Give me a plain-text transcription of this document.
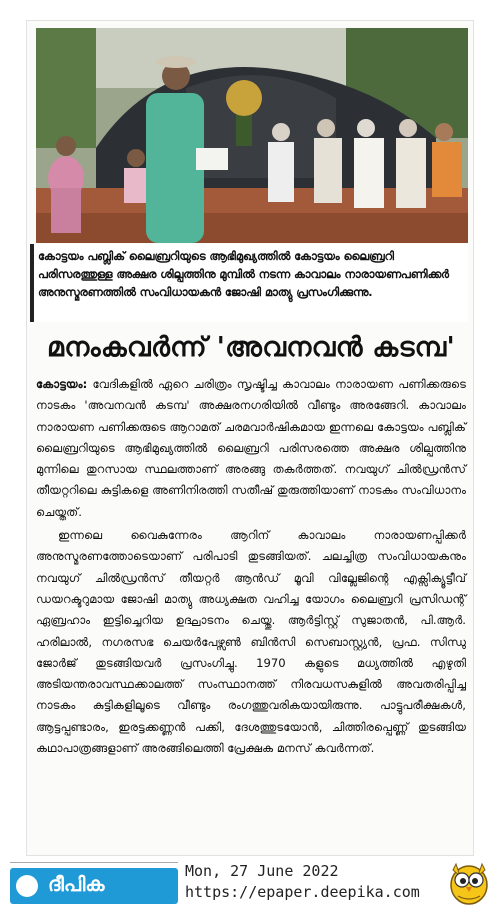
കോട്ടയം പബ്ലിക് ലൈബ്രറിയുടെ ആഭിമുഖ്യത്തിൽ കോട്ടയം ലൈബ്രറി പരിസരത്തുള്ള അക്ഷര ശില്പത്തിനു മുമ്പിൽ നടന്ന കാവാലം നാരായണപണിക്കർ അനുസ്മരണത്തിൽ സംവിധായകൻ ജോഷി മാത്യു പ്രസംഗിക്കുന്നു.

മനംകവർന്ന് 'അവനവൻ കടമ്പ'

കോട്ടയം: വേദികളിൽ ഏറെ ചരിത്രം സൃഷ്ടിച്ച കാവാലം നാരായണ പണിക്കരുടെ നാടകം 'അവനവൻ കടമ്പ' അക്ഷരനഗരിയിൽ വീണ്ടും അരങ്ങേറി. കാവാലം നാരായണ പണിക്കരുടെ ആറാമത് ചരമവാർഷികമായ ഇന്നലെ കോട്ടയം പബ്ലിക് ലൈബ്രറിയുടെ ആഭിമുഖ്യത്തിൽ ലൈബ്രറി പരിസരത്തെ അക്ഷര ശില്പത്തിനു മുന്നിലെ തുറസായ സ്ഥലത്താണ് അരങ്ങു തകർത്തത്. നവയുഗ് ചിൽഡ്രൻസ് തീയറ്ററിലെ കുട്ടികളെ അണിനിരത്തി സതീഷ് തുരുത്തിയാണ് നാടകം സംവിധാനം ചെയ്തത്.

ഇന്നലെ വൈകുന്നേരം ആറിന് കാവാലം നാരായണപ്പിക്കർ അനുസ്മരണത്തോടെയാണ് പരിപാടി തുടങ്ങിയത്. ചലച്ചിത്ര സംവിധായകനും നവയുഗ് ചിൽഡ്രൻസ് തീയറ്റർ ആൻഡ് മൂവി വില്ലേജിന്റെ എക്സിക്യൂട്ടീവ് ഡയറക്ടറുമായ ജോഷി മാത്യു അധ്യക്ഷത വഹിച്ച യോഗം ലൈബ്രറി പ്രസിഡന്റ് ഏബ്രഹാം ഇട്ടിച്ചെറിയ ഉദ്ഘാടനം ചെയ്തു. ആർട്ടിസ്റ്റ് സുജാതൻ, പി.ആർ. ഹരിലാൽ, നഗരസഭ ചെയർപേഴ്സൺ ബിൻസി സെബാസ്റ്റ്യൻ, പ്രഫ. സിന്ധു ജോർജ് തുടങ്ങിയവർ പ്രസംഗിച്ചു. 1970 കളുടെ മധ്യത്തിൽ എഴുതി അടിയന്തരാവസ്ഥക്കാലത്ത് സംസ്ഥാനത്ത് നിരവധസകുളിൽ അവതരിപ്പിച്ച നാടകം കുട്ടികളിലൂടെ വീണ്ടും രംഗത്തുവരികയായിരുന്നു. പാട്ടുപരീക്ഷകൾ, ആട്ടപ്പണ്ടാരം, ഇരട്ടക്കണ്ണൻ പക്കി, ദേശത്തുടയോൻ, ചിത്തിരപ്പെണ്ണ് തുടങ്ങിയ കഥാപാത്രങ്ങളാണ് അരങ്ങിലെത്തി പ്രേക്ഷക മനസ് കവർന്നത്.

ദീപിക
Mon, 27 June 2022
https://epaper.deepika.com
